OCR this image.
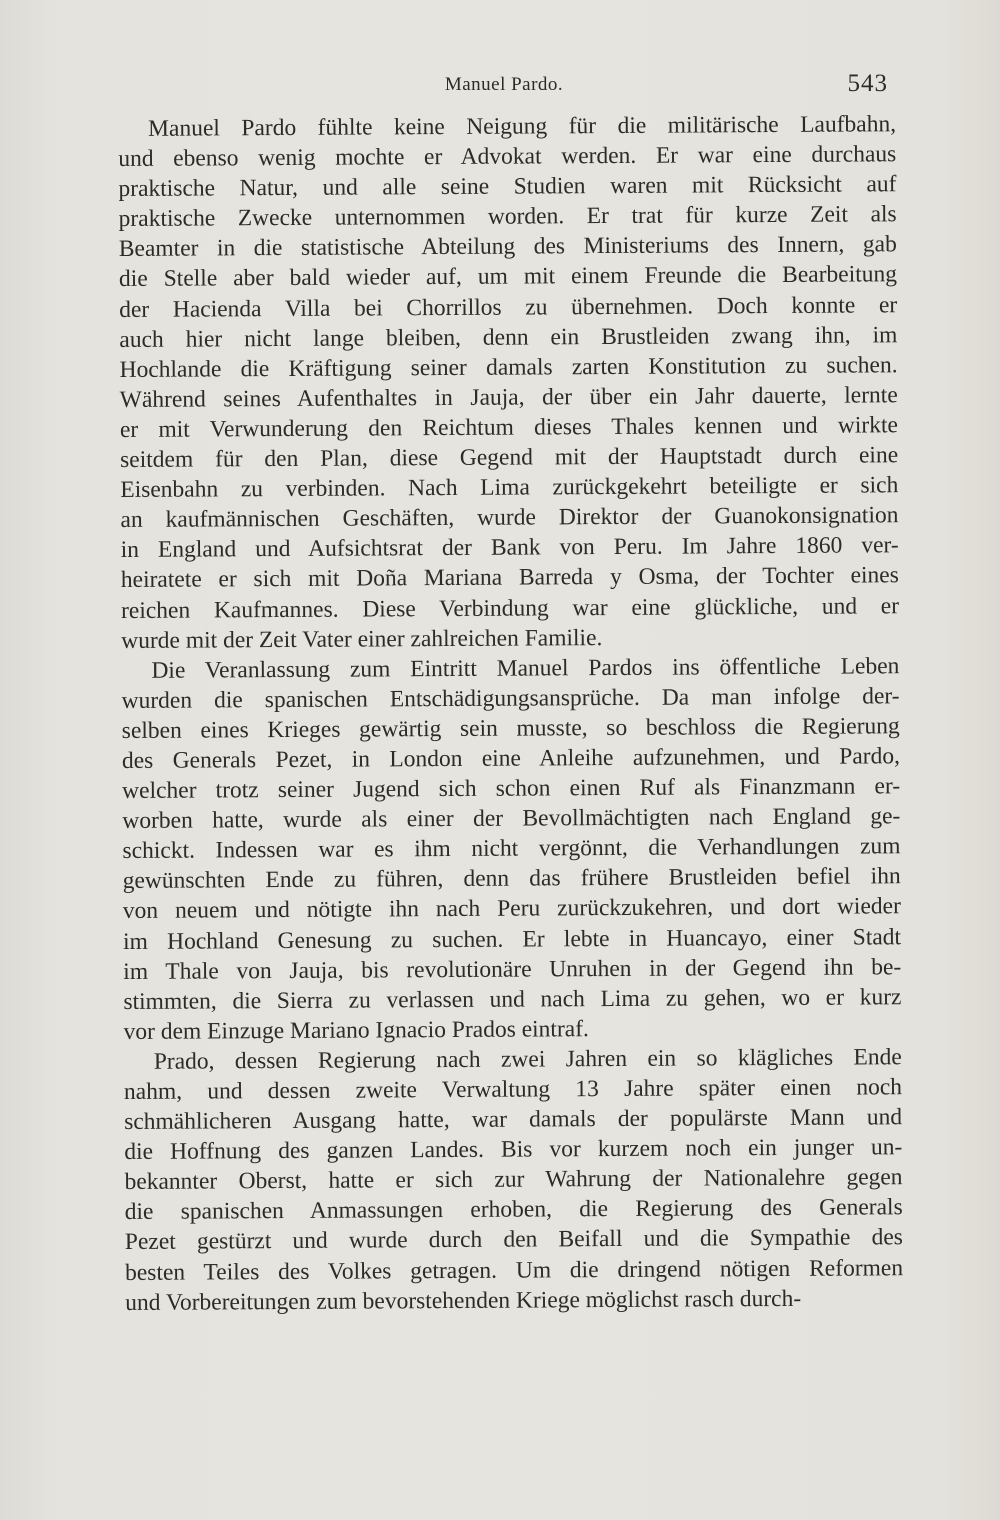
Manuel Pardo.	543
Manuel Pardo fühlte keine Neigung für die militärische Laufbahn,
und ebenso wenig mochte er Advokat werden. Er war eine durchaus
praktische Natur, und alle seine Studien waren mit Rücksicht auf
praktische Zwecke unternommen worden. Er trat für kurze Zeit als
Beamter in die statistische Abteilung des Ministeriums des Innern, gab
die Stelle aber bald wieder auf, um mit einem Freunde die Bearbeitung
der Hacienda Villa bei Chorrillos zu übernehmen. Doch konnte er
auch hier nicht lange bleiben, denn ein Brustleiden zwang ihn, im
Hochlande die Kräftigung seiner damals zarten Konstitution zu suchen.
Während seines Aufenthaltes in Jauja, der über ein Jahr dauerte, lernte
er mit Verwunderung den Reichtum dieses Thales kennen und wirkte
seitdem für den Plan, diese Gegend mit der Hauptstadt durch eine
Eisenbahn zu verbinden. Nach Lima zurückgekehrt beteiligte er sich
an kaufmännischen Geschäften, wurde Direktor der Guanokonsignation
in England und Aufsichtsrat der Bank von Peru. Im Jahre 1860 ver-
heiratete er sich mit Doña Mariana Barreda y Osma, der Tochter eines
reichen Kaufmannes. Diese Verbindung war eine glückliche, und er
wurde mit der Zeit Vater einer zahlreichen Familie.
Die Veranlassung zum Eintritt Manuel Pardos ins öffentliche Leben
wurden die spanischen Entschädigungsansprüche. Da man infolge der-
selben eines Krieges gewärtig sein musste, so beschloss die Regierung
des Generals Pezet, in London eine Anleihe aufzunehmen, und Pardo,
welcher trotz seiner Jugend sich schon einen Ruf als Finanzmann er-
worben hatte, wurde als einer der Bevollmächtigten nach England ge-
schickt. Indessen war es ihm nicht vergönnt, die Verhandlungen zum
gewünschten Ende zu führen, denn das frühere Brustleiden befiel ihn
von neuem und nötigte ihn nach Peru zurückzukehren, und dort wieder
im Hochland Genesung zu suchen. Er lebte in Huancayo, einer Stadt
im Thale von Jauja, bis revolutionäre Unruhen in der Gegend ihn be-
stimmten, die Sierra zu verlassen und nach Lima zu gehen, wo er kurz
vor dem Einzuge Mariano Ignacio Prados eintraf.
Prado, dessen Regierung nach zwei Jahren ein so klägliches Ende
nahm, und dessen zweite Verwaltung 13 Jahre später einen noch
schmählicheren Ausgang hatte, war damals der populärste Mann und
die Hoffnung des ganzen Landes. Bis vor kurzem noch ein junger un-
bekannter Oberst, hatte er sich zur Wahrung der Nationalehre gegen
die spanischen Anmassungen erhoben, die Regierung des Generals
Pezet gestürzt und wurde durch den Beifall und die Sympathie des
besten Teiles des Volkes getragen. Um die dringend nötigen Reformen
und Vorbereitungen zum bevorstehenden Kriege möglichst rasch durch-
